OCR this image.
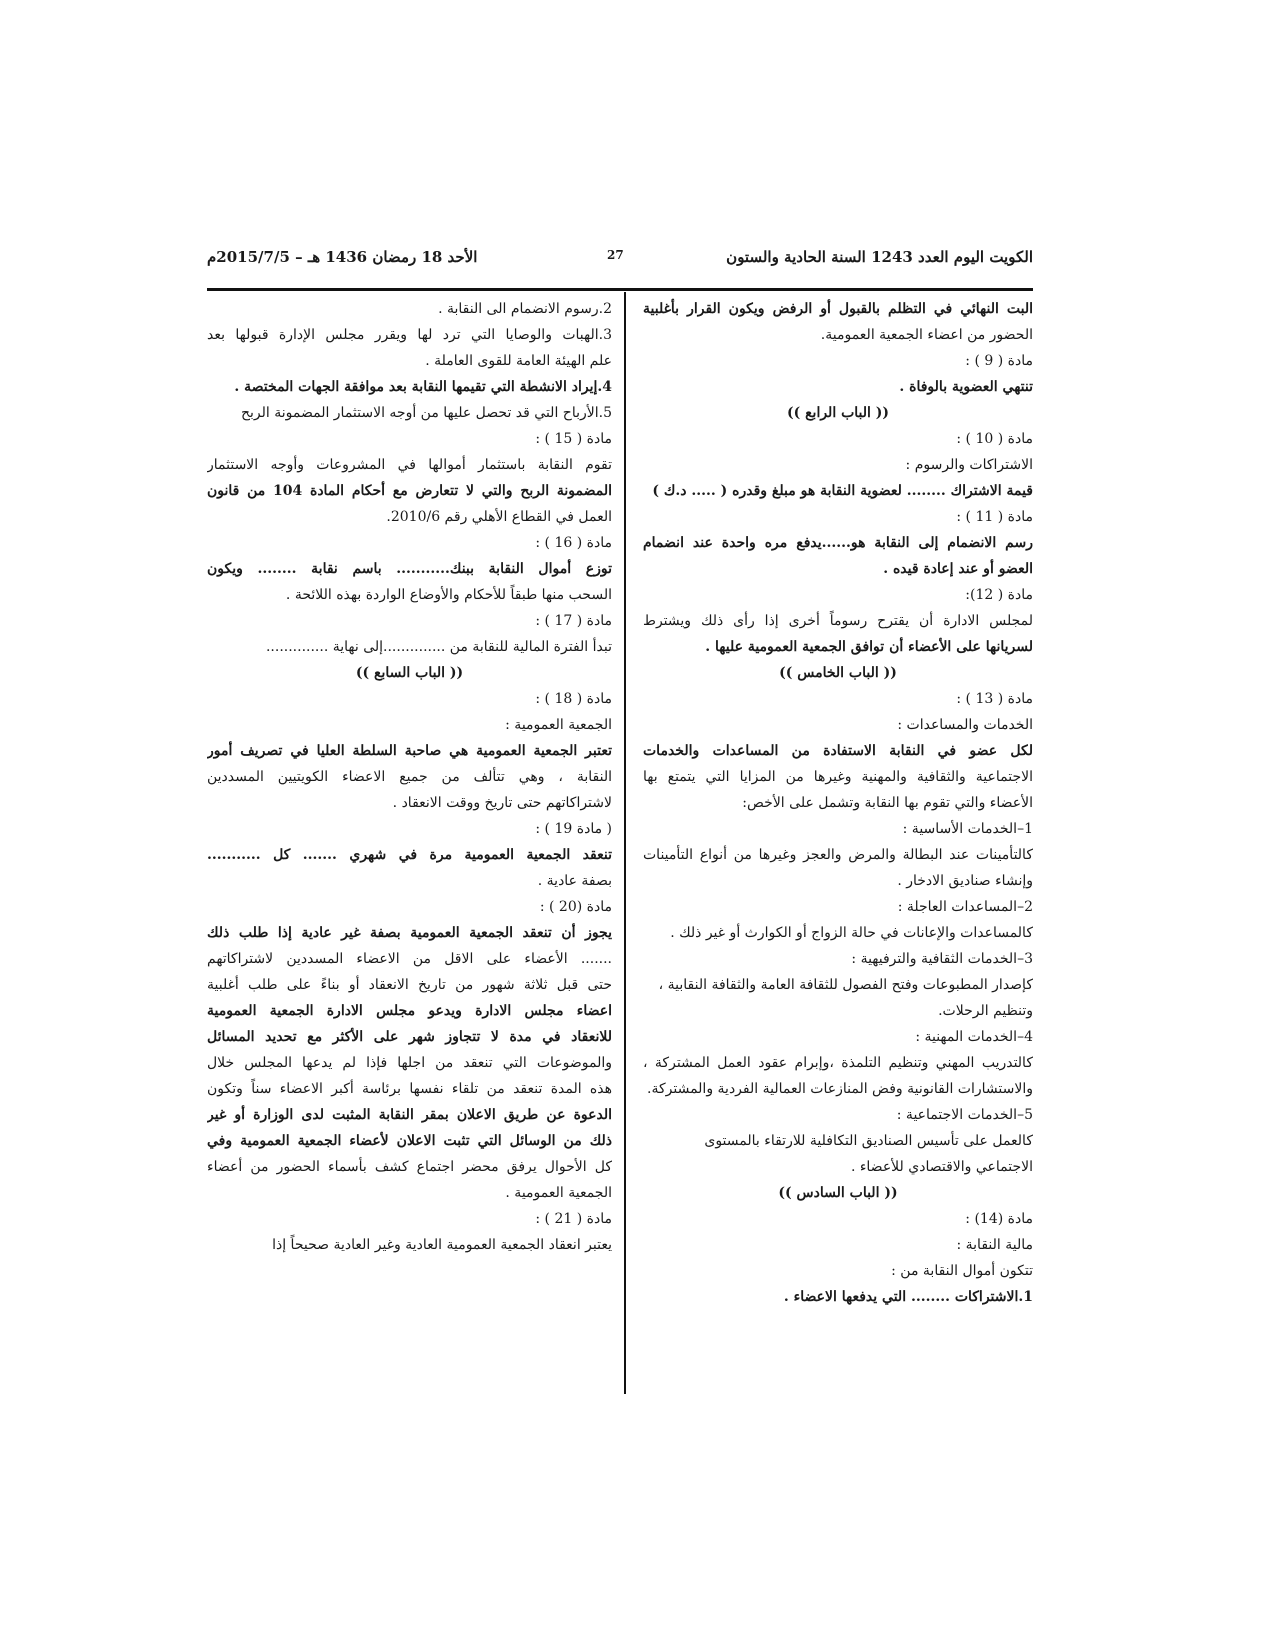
الكويت اليوم العدد 1243 السنة الحادية والستون
27
الأحد 18 رمضان 1436 هـ – 2015/7/5م
البت النهائي في التظلم بالقبول أو الرفض ويكون القرار بأغلبية
الحضور من اعضاء الجمعية العمومية.
مادة ( 9 ) :
تنتهي العضوية بالوفاة .
(( الباب الرابع ))
مادة ( 10 ) :
الاشتراكات والرسوم :
قيمة الاشتراك ........ لعضوية النقابة هو مبلغ وقدره ( ..... د.ك )
مادة ( 11 ) :
رسم الانضمام إلى النقابة هو......يدفع مره واحدة عند انضمام
العضو أو عند إعادة قيده .
مادة ( 12):
لمجلس الادارة أن يقترح رسوماً أخرى إذا رأى ذلك ويشترط
لسريانها على الأعضاء أن توافق الجمعية العمومية عليها .
(( الباب الخامس ))
مادة ( 13 ) :
الخدمات والمساعدات :
لكل عضو في النقابة الاستفادة من المساعدات والخدمات
الاجتماعية والثقافية والمهنية وغيرها من المزايا التي يتمتع بها
الأعضاء والتي تقوم بها النقابة وتشمل على الأخص:
1–الخدمات الأساسية :
كالتأمينات عند البطالة والمرض والعجز وغيرها من أنواع التأمينات
وإنشاء صناديق الادخار .
2–المساعدات العاجلة :
كالمساعدات والإعانات في حالة الزواج أو الكوارث أو غير ذلك .
3–الخدمات الثقافية والترفيهية :
كإصدار المطبوعات وفتح الفصول للثقافة العامة والثقافة النقابية ،
وتنظيم الرحلات.
4–الخدمات المهنية :
كالتدريب المهني وتنظيم التلمذة ،وإبرام عقود العمل المشتركة ،
والاستشارات القانونية وفض المنازعات العمالية الفردية والمشتركة.
5–الخدمات الاجتماعية :
كالعمل على تأسيس الصناديق التكافلية للارتقاء بالمستوى
الاجتماعي والاقتصادي للأعضاء .
(( الباب السادس ))
مادة (14) :
مالية النقابة :
تتكون أموال النقابة من :
1.الاشتراكات ........ التي يدفعها الاعضاء .
2.رسوم الانضمام الى النقابة .
3.الهبات والوصايا التي ترد لها ويقرر مجلس الإدارة قبولها بعد
علم الهيئة العامة للقوى العاملة .
4.إيراد الانشطة التي تقيمها النقابة بعد موافقة الجهات المختصة .
5.الأرباح التي قد تحصل عليها من أوجه الاستثمار المضمونة الربح
مادة ( 15 ) :
تقوم النقابة باستثمار أموالها في المشروعات وأوجه الاستثمار
المضمونة الربح والتي لا تتعارض مع أحكام المادة 104 من قانون
العمل في القطاع الأهلي رقم 2010/6.
مادة ( 16 ) :
توزع أموال النقابة ببنك........... باسم نقابة ........ ويكون
السحب منها طبقاً للأحكام والأوضاع الواردة بهذه اللائحة .
مادة ( 17 ) :
تبدأ الفترة المالية للنقابة من ..............إلى نهاية ..............
(( الباب السابع ))
مادة ( 18 ) :
الجمعية العمومية :
تعتبر الجمعية العمومية هي صاحبة السلطة العليا في تصريف أمور
النقابة ، وهي تتألف من جميع الاعضاء الكويتيين المسددين
لاشتراكاتهم حتى تاريخ ووقت الانعقاد .
( مادة 19 ) :
تنعقد الجمعية العمومية مرة في شهري ....... كل ...........
بصفة عادية .
مادة (20 ) :
يجوز أن تنعقد الجمعية العمومية بصفة غير عادية إذا طلب ذلك
....... الأعضاء على الاقل من الاعضاء المسددين لاشتراكاتهم
حتى قبل ثلاثة شهور من تاريخ الانعقاد أو بناءً على طلب أغلبية
اعضاء مجلس الادارة ويدعو مجلس الادارة الجمعية العمومية
للانعقاد في مدة لا تتجاوز شهر على الأكثر مع تحديد المسائل
والموضوعات التي تنعقد من اجلها فإذا لم يدعها المجلس خلال
هذه المدة تنعقد من تلقاء نفسها برئاسة أكبر الاعضاء سناً وتكون
الدعوة عن طريق الاعلان بمقر النقابة المثبت لدى الوزارة أو غير
ذلك من الوسائل التي تثبت الاعلان لأعضاء الجمعية العمومية وفي
كل الأحوال يرفق محضر اجتماع كشف بأسماء الحضور من أعضاء
الجمعية العمومية .
مادة ( 21 ) :
يعتبر انعقاد الجمعية العمومية العادية وغير العادية صحيحاً إذا
